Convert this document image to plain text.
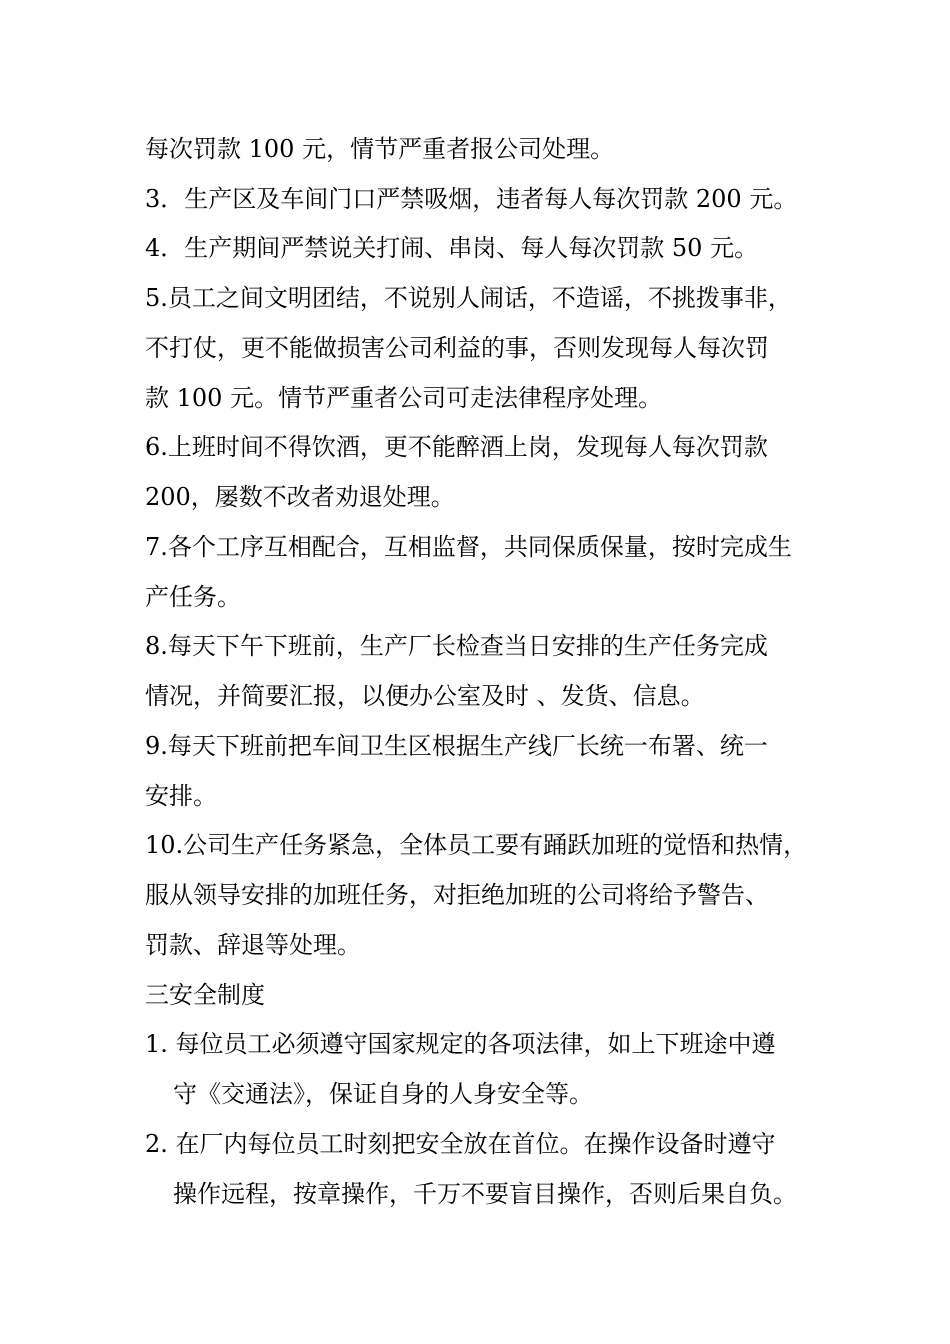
每次罚款 100 元，情节严重者报公司处理。
3．生产区及车间门口严禁吸烟，违者每人每次罚款 200 元。
4．生产期间严禁说关打闹、串岗、每人每次罚款 50 元。
5.员工之间文明团结，不说别人闹话，不造谣，不挑拨事非，
不打仗，更不能做损害公司利益的事，否则发现每人每次罚
款 100 元。情节严重者公司可走法律程序处理。
6.上班时间不得饮酒，更不能醉酒上岗，发现每人每次罚款
200，屡数不改者劝退处理。
7.各个工序互相配合，互相监督，共同保质保量，按时完成生
产任务。
8.每天下午下班前，生产厂长检查当日安排的生产任务完成
情况，并简要汇报，以便办公室及时 、发货、信息。
9.每天下班前把车间卫生区根据生产线厂长统一布署、统一
安排。
10.公司生产任务紧急，全体员工要有踊跃加班的觉悟和热情，
服从领导安排的加班任务，对拒绝加班的公司将给予警告、
罚款、辞退等处理。
三安全制度
1. 每位员工必须遵守国家规定的各项法律，如上下班途中遵
守《交通法》，保证自身的人身安全等。
2. 在厂内每位员工时刻把安全放在首位。在操作设备时遵守
操作远程，按章操作，千万不要盲目操作，否则后果自负。
